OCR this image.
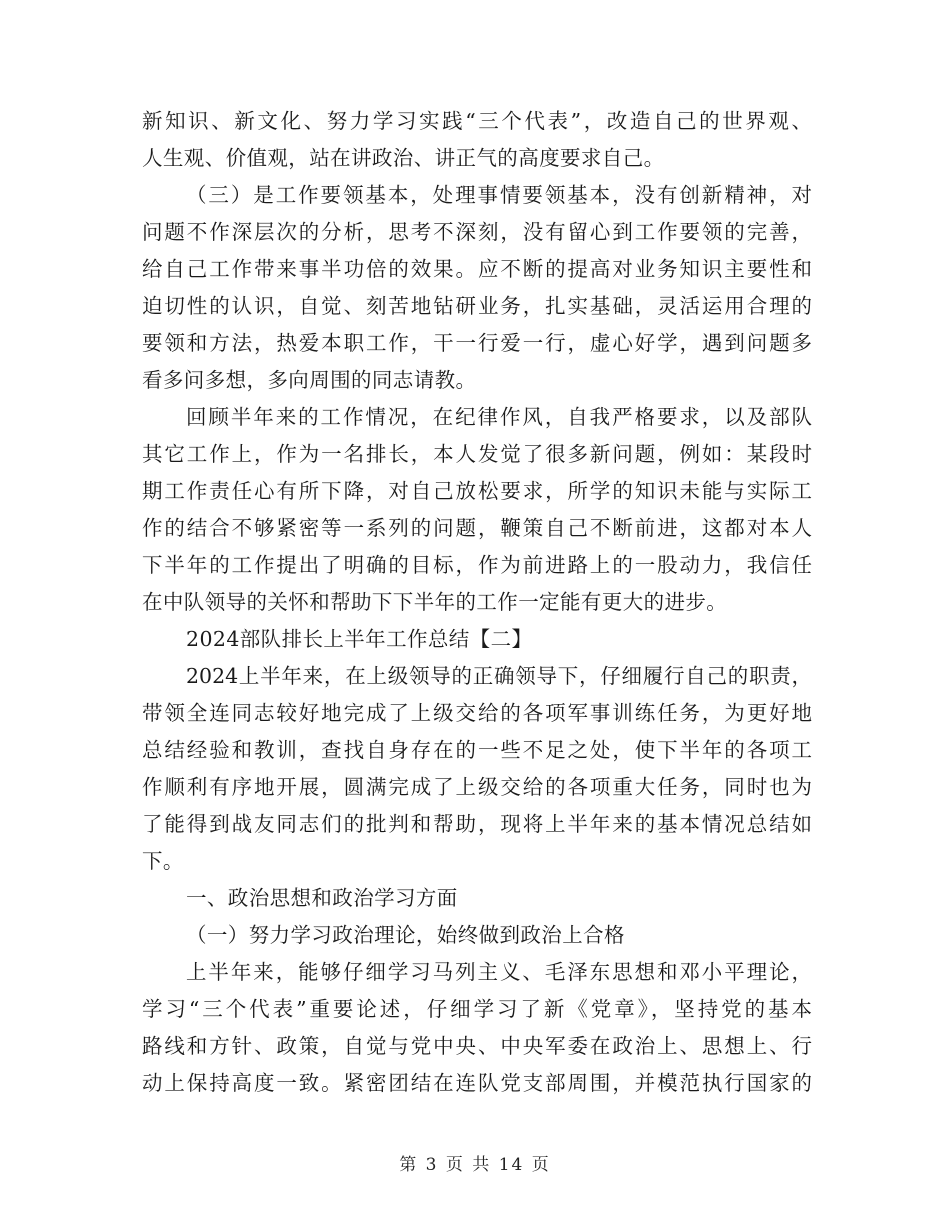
新知识、新文化、努力学习实践“三个代表”，改造自己的世界观、
人生观、价值观，站在讲政治、讲正气的高度要求自己。
（三）是工作要领基本，处理事情要领基本，没有创新精神，对
问题不作深层次的分析，思考不深刻，没有留心到工作要领的完善，
给自己工作带来事半功倍的效果。应不断的提高对业务知识主要性和
迫切性的认识，自觉、刻苦地钻研业务，扎实基础，灵活运用合理的
要领和方法，热爱本职工作，干一行爱一行，虚心好学，遇到问题多
看多问多想，多向周围的同志请教。
回顾半年来的工作情况，在纪律作风，自我严格要求，以及部队
其它工作上，作为一名排长，本人发觉了很多新问题，例如：某段时
期工作责任心有所下降，对自己放松要求，所学的知识未能与实际工
作的结合不够紧密等一系列的问题，鞭策自己不断前进，这都对本人
下半年的工作提出了明确的目标，作为前进路上的一股动力，我信任
在中队领导的关怀和帮助下下半年的工作一定能有更大的进步。
2024部队排长上半年工作总结【二】
2024上半年来，在上级领导的正确领导下，仔细履行自己的职责，
带领全连同志较好地完成了上级交给的各项军事训练任务，为更好地
总结经验和教训，查找自身存在的一些不足之处，使下半年的各项工
作顺利有序地开展，圆满完成了上级交给的各项重大任务，同时也为
了能得到战友同志们的批判和帮助，现将上半年来的基本情况总结如
下。
一、政治思想和政治学习方面
（一）努力学习政治理论，始终做到政治上合格
上半年来，能够仔细学习马列主义、毛泽东思想和邓小平理论，
学习“三个代表”重要论述，仔细学习了新《党章》，坚持党的基本
路线和方针、政策，自觉与党中央、中央军委在政治上、思想上、行
动上保持高度一致。紧密团结在连队党支部周围，并模范执行国家的
第 3 页 共 14 页
